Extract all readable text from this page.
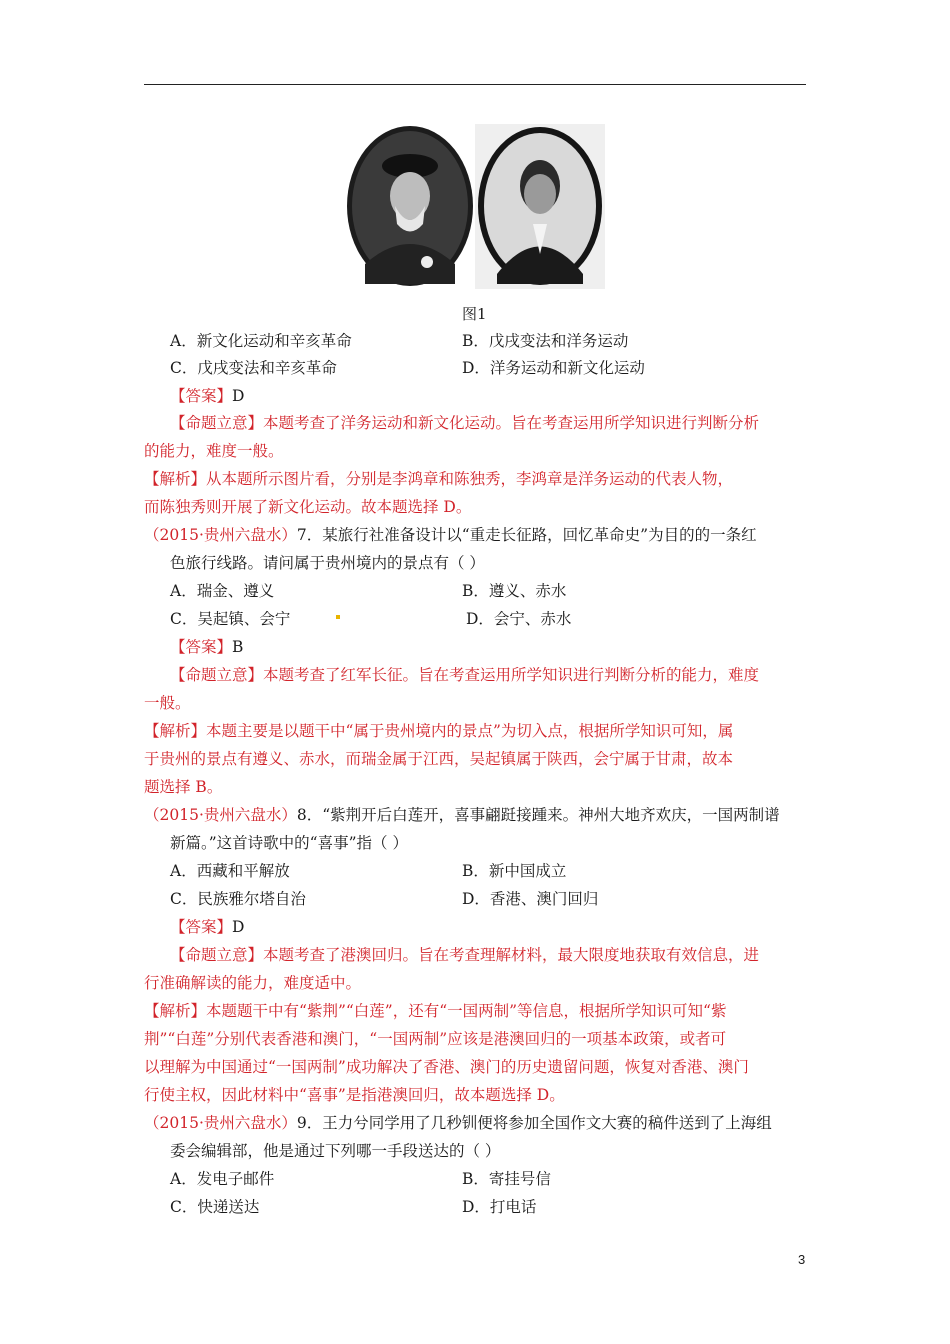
图1
A．新文化运动和辛亥革命	B．戊戌变法和洋务运动
C．戊戌变法和辛亥革命	D．洋务运动和新文化运动
【答案】D
【命题立意】本题考查了洋务运动和新文化运动。旨在考查运用所学知识进行判断分析
的能力，难度一般。
【解析】从本题所示图片看，分别是李鸿章和陈独秀，李鸿章是洋务运动的代表人物，
而陈独秀则开展了新文化运动。故本题选择 D。
（2015·贵州六盘水）7．某旅行社准备设计以“重走长征路，回忆革命史”为目的的一条红
色旅行线路。请问属于贵州境内的景点有（ ）
A．瑞金、遵义	B．遵义、赤水
C．吴起镇、会宁	D．会宁、赤水
【答案】B
【命题立意】本题考查了红军长征。旨在考查运用所学知识进行判断分析的能力，难度
一般。
【解析】本题主要是以题干中“属于贵州境内的景点”为切入点，根据所学知识可知，属
于贵州的景点有遵义、赤水，而瑞金属于江西，吴起镇属于陕西，会宁属于甘肃，故本
题选择 B。
（2015·贵州六盘水）8．“紫荆开后白莲开，喜事翩跹接踵来。神州大地齐欢庆，一国两制谱
新篇。”这首诗歌中的“喜事”指（ ）
A．西藏和平解放	B．新中国成立
C．民族雅尔塔自治	D．香港、澳门回归
【答案】D
【命题立意】本题考查了港澳回归。旨在考查理解材料，最大限度地获取有效信息，进
行准确解读的能力，难度适中。
【解析】本题题干中有“紫荆”“白莲”，还有“一国两制”等信息，根据所学知识可知“紫
荆”“白莲”分别代表香港和澳门，“一国两制”应该是港澳回归的一项基本政策，或者可
以理解为中国通过“一国两制”成功解决了香港、澳门的历史遗留问题，恢复对香港、澳门
行使主权，因此材料中“喜事”是指港澳回归，故本题选择 D。
（2015·贵州六盘水）9．王力兮同学用了几秒钏便将参加全国作文大赛的稿件送到了上海组
委会编辑部，他是通过下列哪一手段送达的（ ）
A．发电子邮件	B．寄挂号信
C．快递送达	D．打电话
3
